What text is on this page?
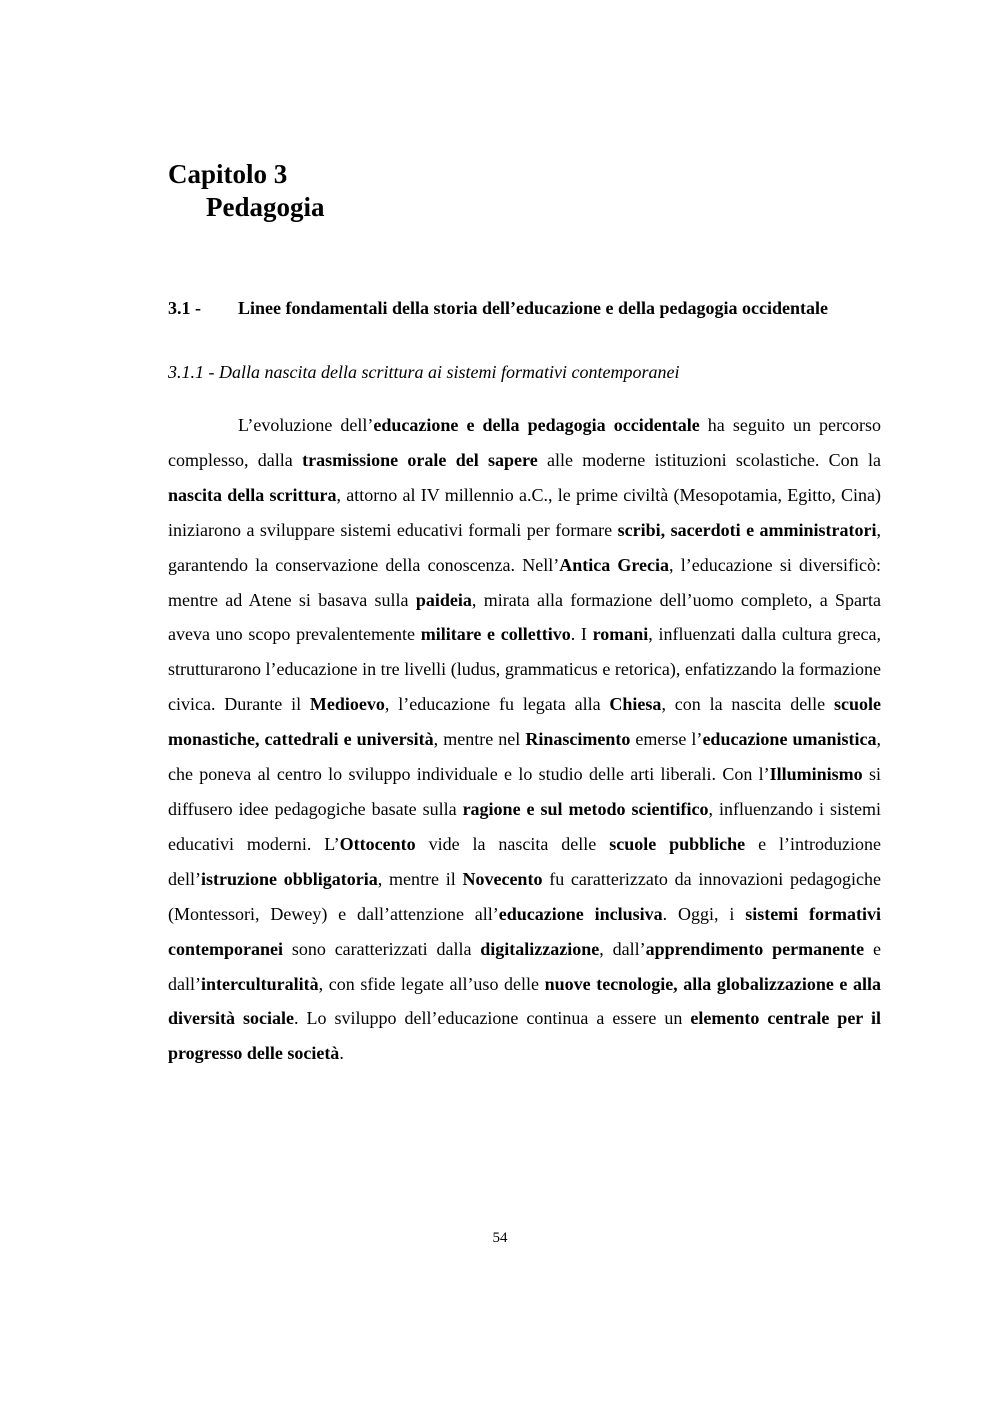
Capitolo 3
Pedagogia
3.1 - Linee fondamentali della storia dell’educazione e della pedagogia occidentale
3.1.1 - Dalla nascita della scrittura ai sistemi formativi contemporanei

L’evoluzione dell’educazione e della pedagogia occidentale ha seguito un percorso complesso, dalla trasmissione orale del sapere alle moderne istituzioni scolastiche. Con la nascita della scrittura, attorno al IV millennio a.C., le prime civiltà (Mesopotamia, Egitto, Cina) iniziarono a sviluppare sistemi educativi formali per formare scribi, sacerdoti e amministratori, garantendo la conservazione della conoscenza. Nell’Antica Grecia, l’educazione si diversificò: mentre ad Atene si basava sulla paideia, mirata alla formazione dell’uomo completo, a Sparta aveva uno scopo prevalentemente militare e collettivo. I romani, influenzati dalla cultura greca, strutturarono l’educazione in tre livelli (ludus, grammaticus e retorica), enfatizzando la formazione civica. Durante il Medioevo, l’educazione fu legata alla Chiesa, con la nascita delle scuole monastiche, cattedrali e università, mentre nel Rinascimento emerse l’educazione umanistica, che poneva al centro lo sviluppo individuale e lo studio delle arti liberali. Con l’Illuminismo si diffusero idee pedagogiche basate sulla ragione e sul metodo scientifico, influenzando i sistemi educativi moderni. L’Ottocento vide la nascita delle scuole pubbliche e l’introduzione dell’istruzione obbligatoria, mentre il Novecento fu caratterizzato da innovazioni pedagogiche (Montessori, Dewey) e dall’attenzione all’educazione inclusiva. Oggi, i sistemi formativi contemporanei sono caratterizzati dalla digitalizzazione, dall’apprendimento permanente e dall’interculturalità, con sfide legate all’uso delle nuove tecnologie, alla globalizzazione e alla diversità sociale. Lo sviluppo dell’educazione continua a essere un elemento centrale per il progresso delle società.

54
